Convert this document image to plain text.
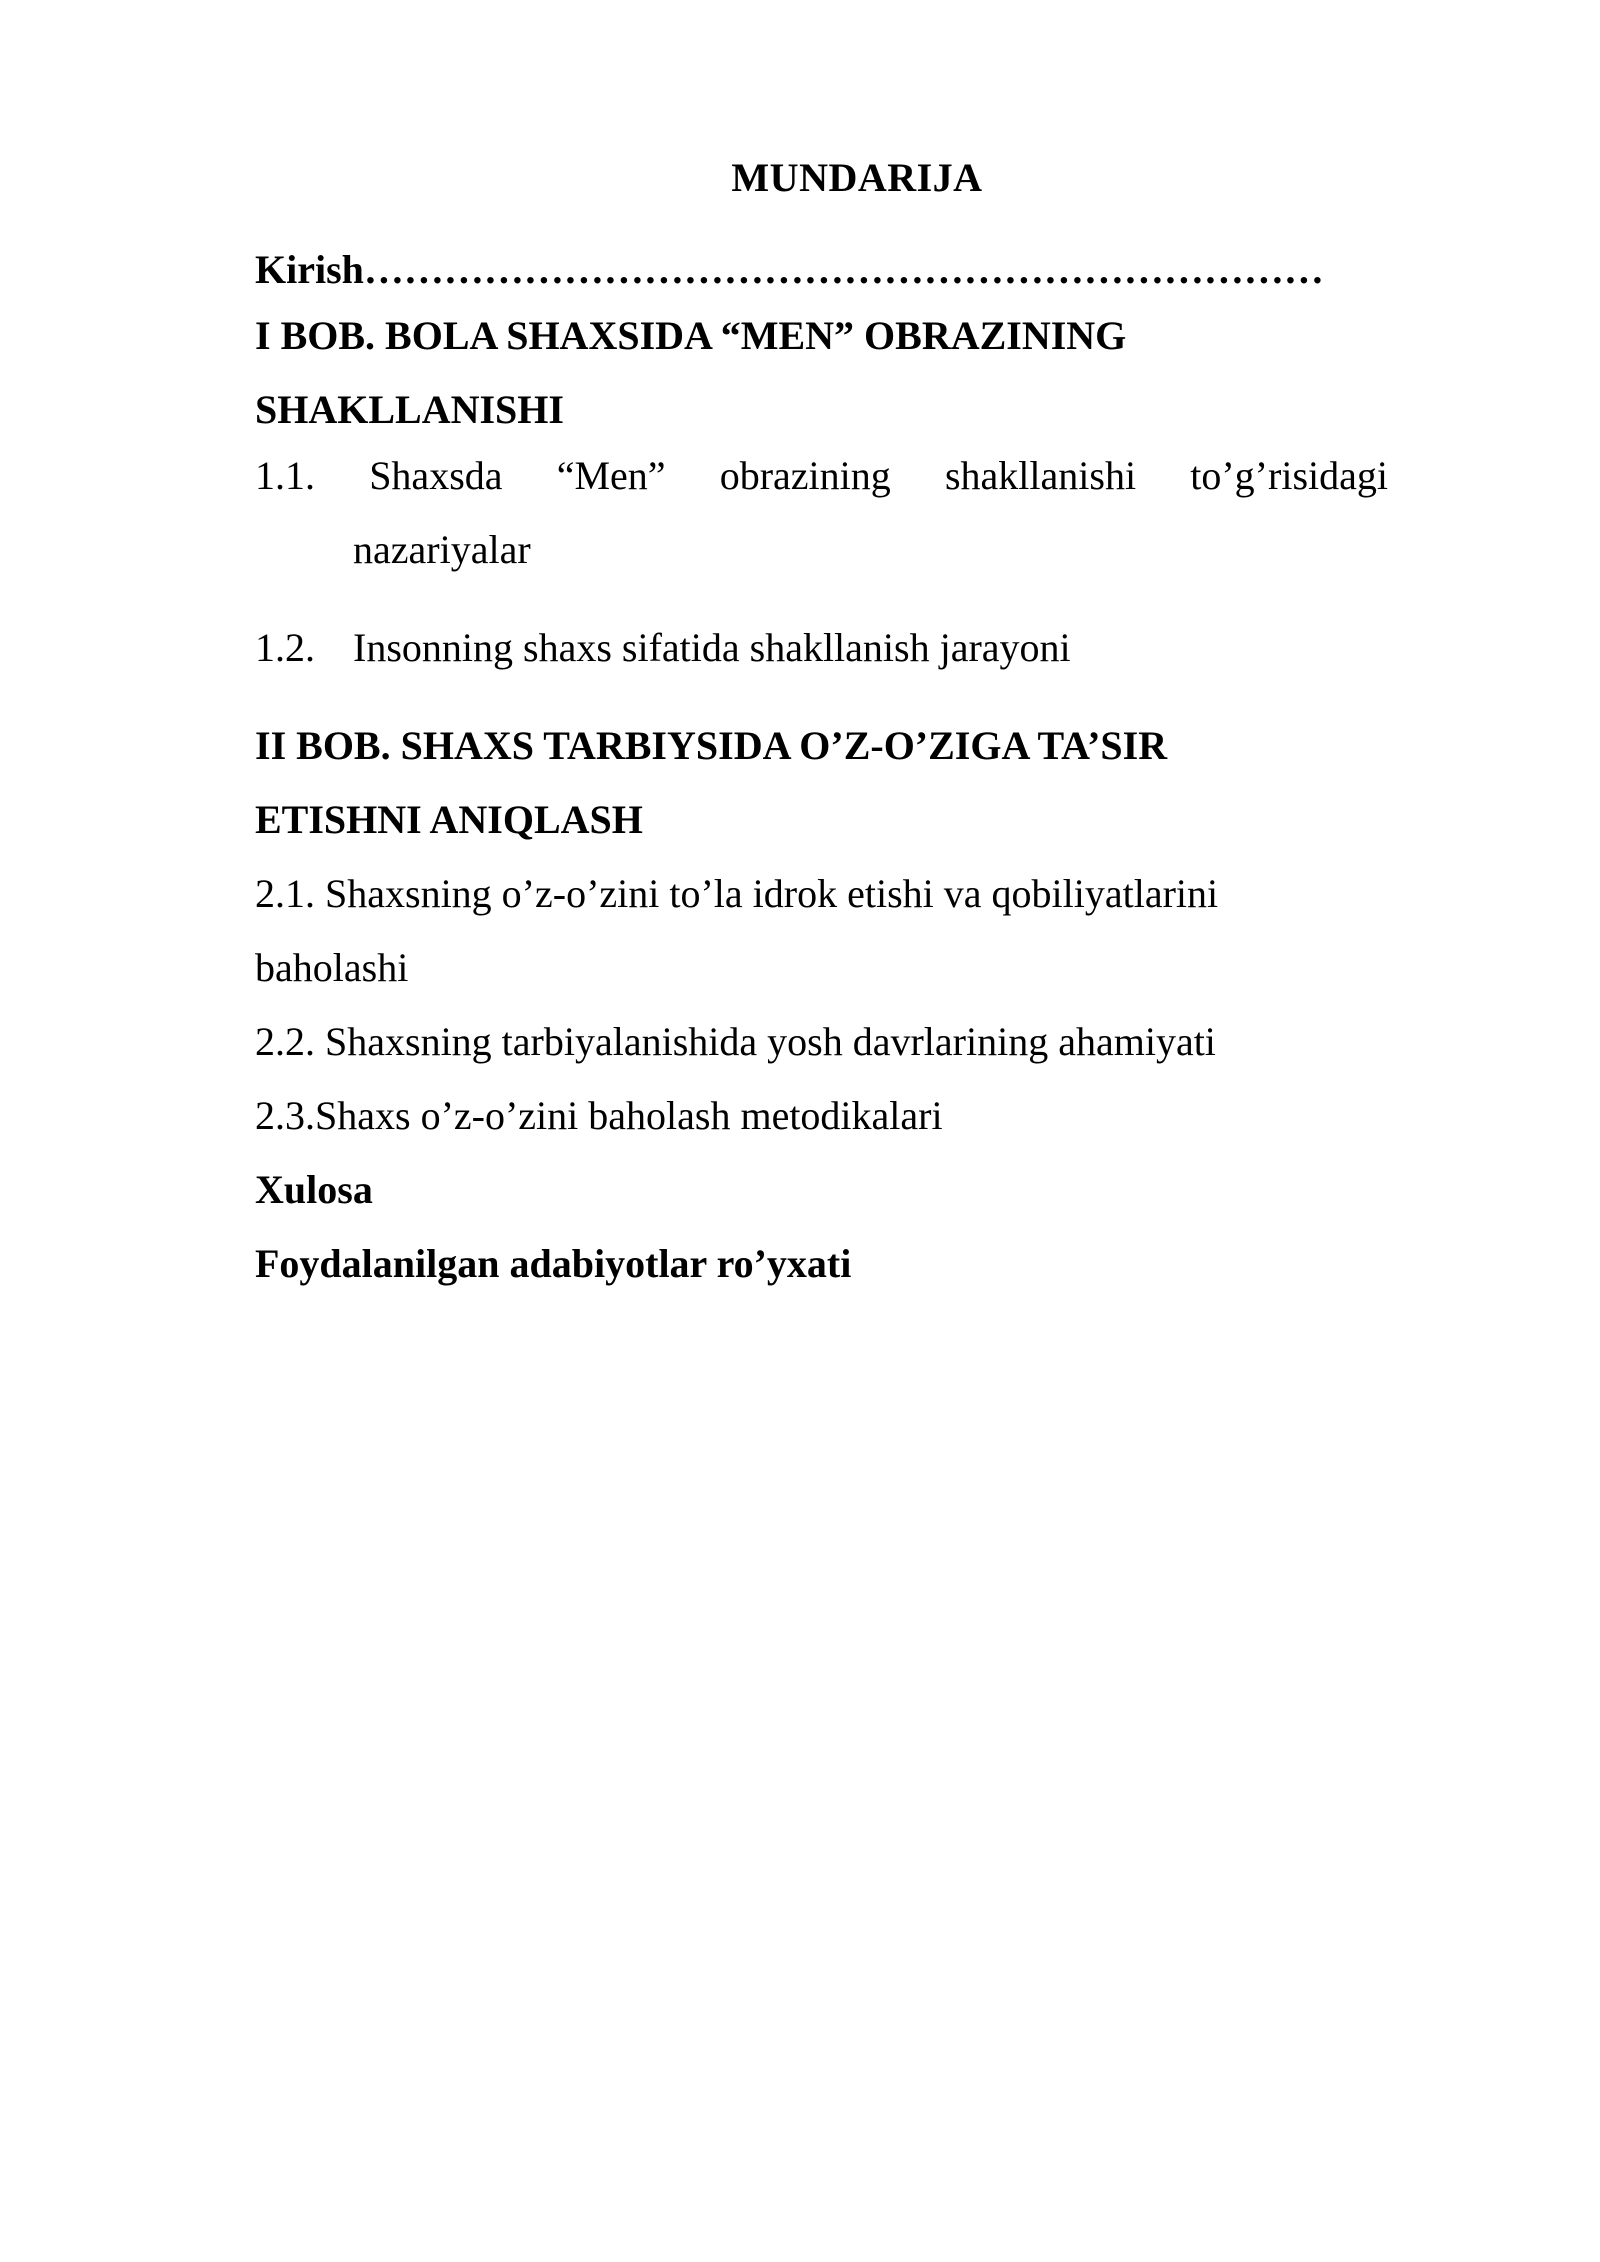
MUNDARIJA
Kirish………………………………………………………………
I BOB. BOLA SHAXSIDA “MEN” OBRAZINING
SHAKLLANISHI
1.1. Shaxsda “Men” obrazining shakllanishi to’g’risidagi
nazariyalar
1.2. Insonning shaxs sifatida shakllanish jarayoni
II BOB. SHAXS TARBIYSIDA O’Z-O’ZIGA TA’SIR
ETISHNI ANIQLASH
2.1. Shaxsning o’z-o’zini to’la idrok etishi va qobiliyatlarini
baholashi
2.2. Shaxsning tarbiyalanishida yosh davrlarining ahamiyati
2.3.Shaxs o’z-o’zini baholash metodikalari
Xulosa
Foydalanilgan adabiyotlar ro’yxati
